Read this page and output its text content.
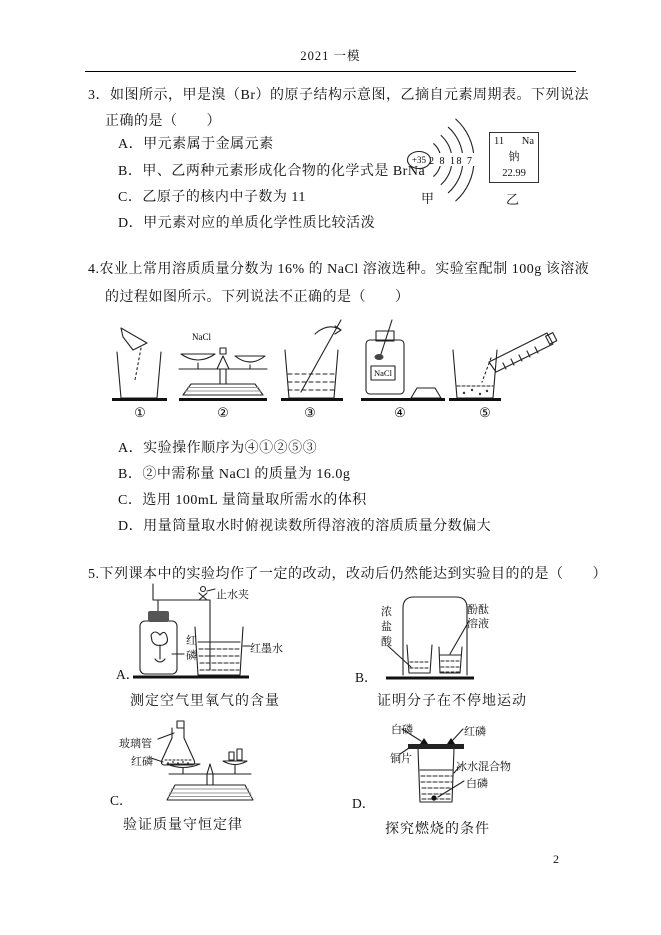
2021 一模
3．如图所示，甲是溴（Br）的原子结构示意图，乙摘自元素周期表。下列说法
正确的是（　　）
A．甲元素属于金属元素
B．甲、乙两种元素形成化合物的化学式是 BrNa
C．乙原子的核内中子数为 11
D．甲元素对应的单质化学性质比较活泼
+35 2 8 18 7
甲
11 Na
钠
22.99
乙
4.农业上常用溶质质量分数为 16% 的 NaCl 溶液选种。实验室配制 100g 该溶液
的过程如图所示。下列说法不正确的是（　　）
NaCl
NaCl
①	②	③	④	⑤
A．实验操作顺序为④①②⑤③
B．②中需称量 NaCl 的质量为 16.0g
C．选用 100mL 量筒量取所需水的体积
D．用量筒量取水时俯视读数所得溶液的溶质质量分数偏大
5.下列课本中的实验均作了一定的改动，改动后仍然能达到实验目的的是（　　）
止水夹
红磷
红墨水
A．
测定空气里氧气的含量
浓盐酸
酚酞溶液
B．
证明分子在不停地运动
玻璃管
红磷
C．
验证质量守恒定律
白磷	红磷
铜片
冰水混合物
白磷
D．
探究燃烧的条件
2
